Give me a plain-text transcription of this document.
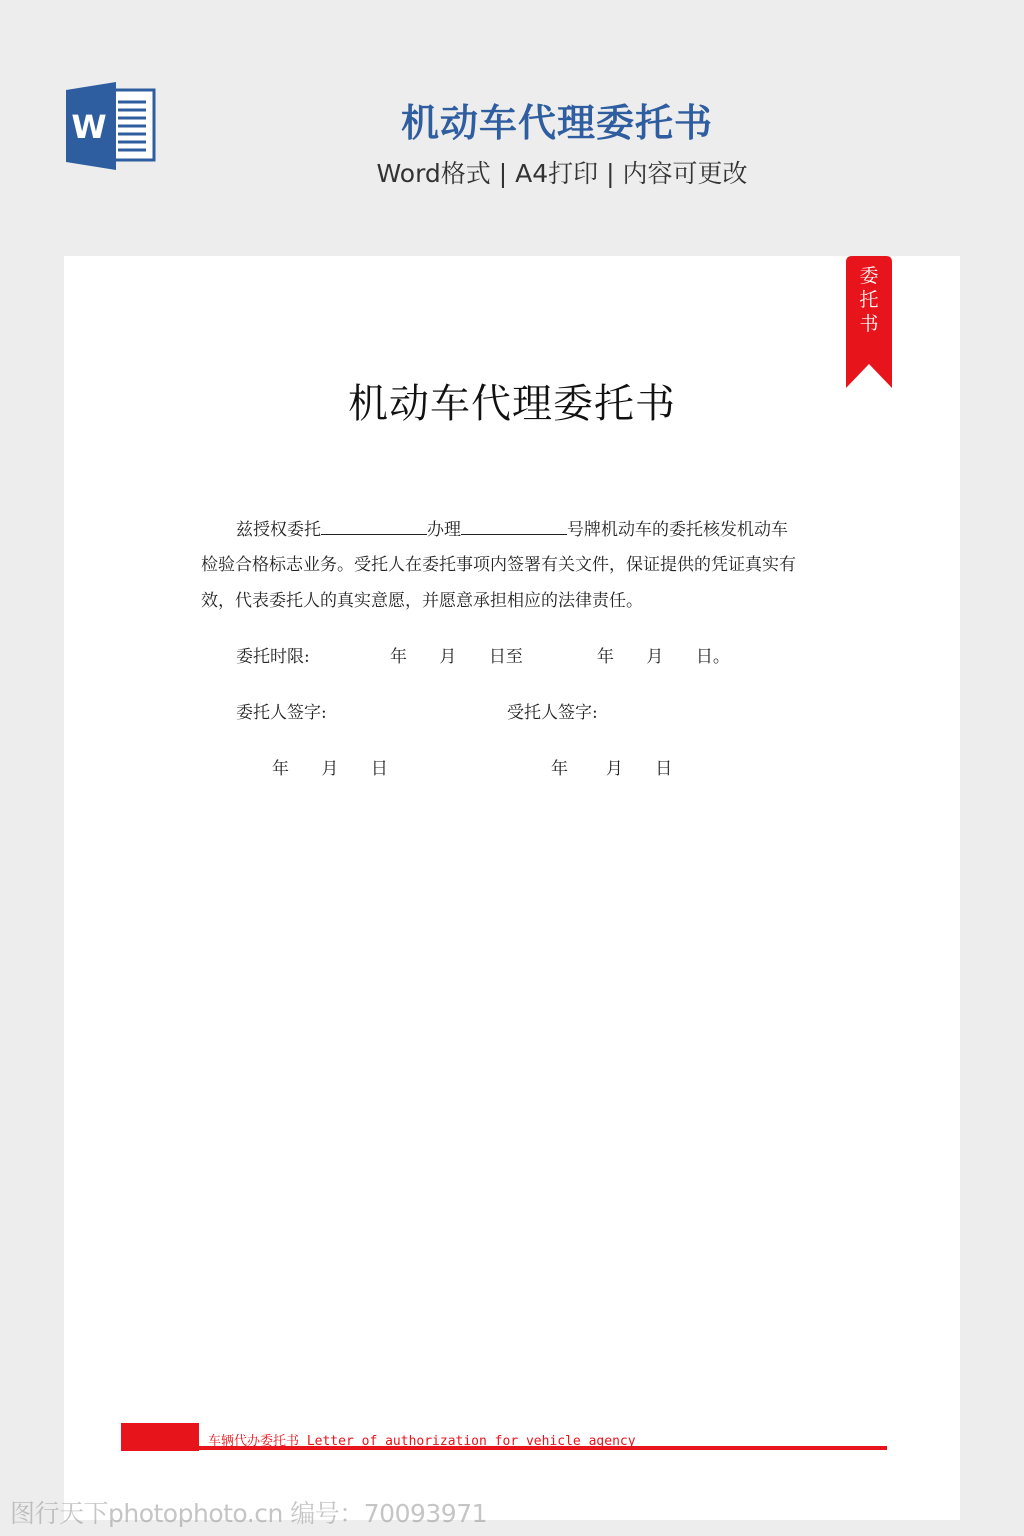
W	机动车代理委托书
Word格式 | A4打印 | 内容可更改
委托书
机动车代理委托书
兹授权委托	办理	号牌机动车的委托核发机动车
检验合格标志业务。受托人在委托事项内签署有关文件，保证提供的凭证真实有
效，代表委托人的真实意愿，并愿意承担相应的法律责任。
委托时限:	年      月      日至	年      月      日。
委托人签字:	受托人签字:
年      月      日	年       月      日
车辆代办委托书 Letter of authorization for vehicle agency
图行天下photophoto.cn 编号：70093971
